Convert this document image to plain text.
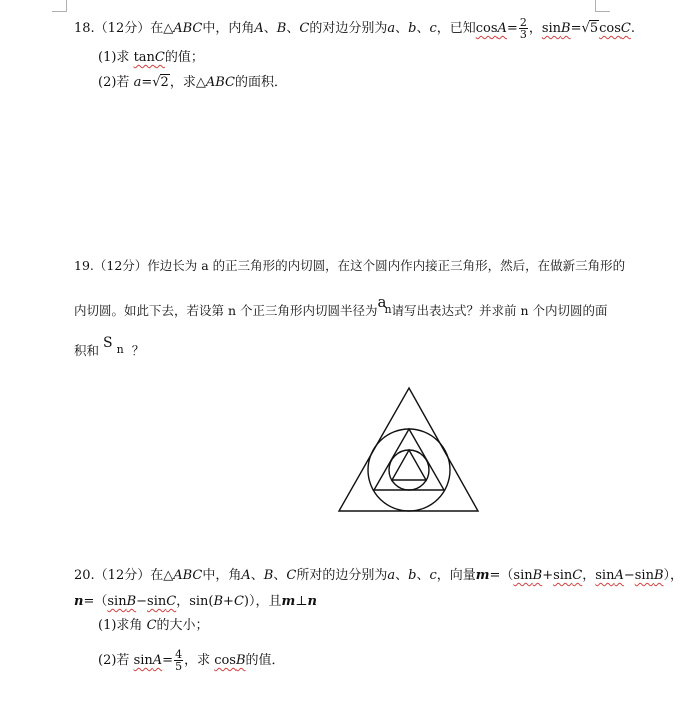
18.（12分）在△ABC中，内角A、B、C的对边分别为a、b、c，已知$\cos A= \frac{2}{3}$ ，sinB=√5cosC.
(1)求 tanC的值；
(2)若 a=√2，求△ABC的面积．
19.（12分）作边长为 a 的正三角形的内切圆，在这个圆内作内接正三角形，然后，在做新三角形的
内切圆。如此下去，若设第 n 个正三角形内切圆半径为an请写出表达式？并求前 n 个内切圆的面
积和 S n ？
20.（12分）在△ABC中，角A、B、C所对的边分别为a、b、c，向量m=（sinB+sinC，sinA−sinB），
n=（sinB−sinC，sin(B+C)），且m⊥n
(1)求角 C的大小；
(2)若 $\sin A= \frac{4}{5}$ ，求 cosB的值．
